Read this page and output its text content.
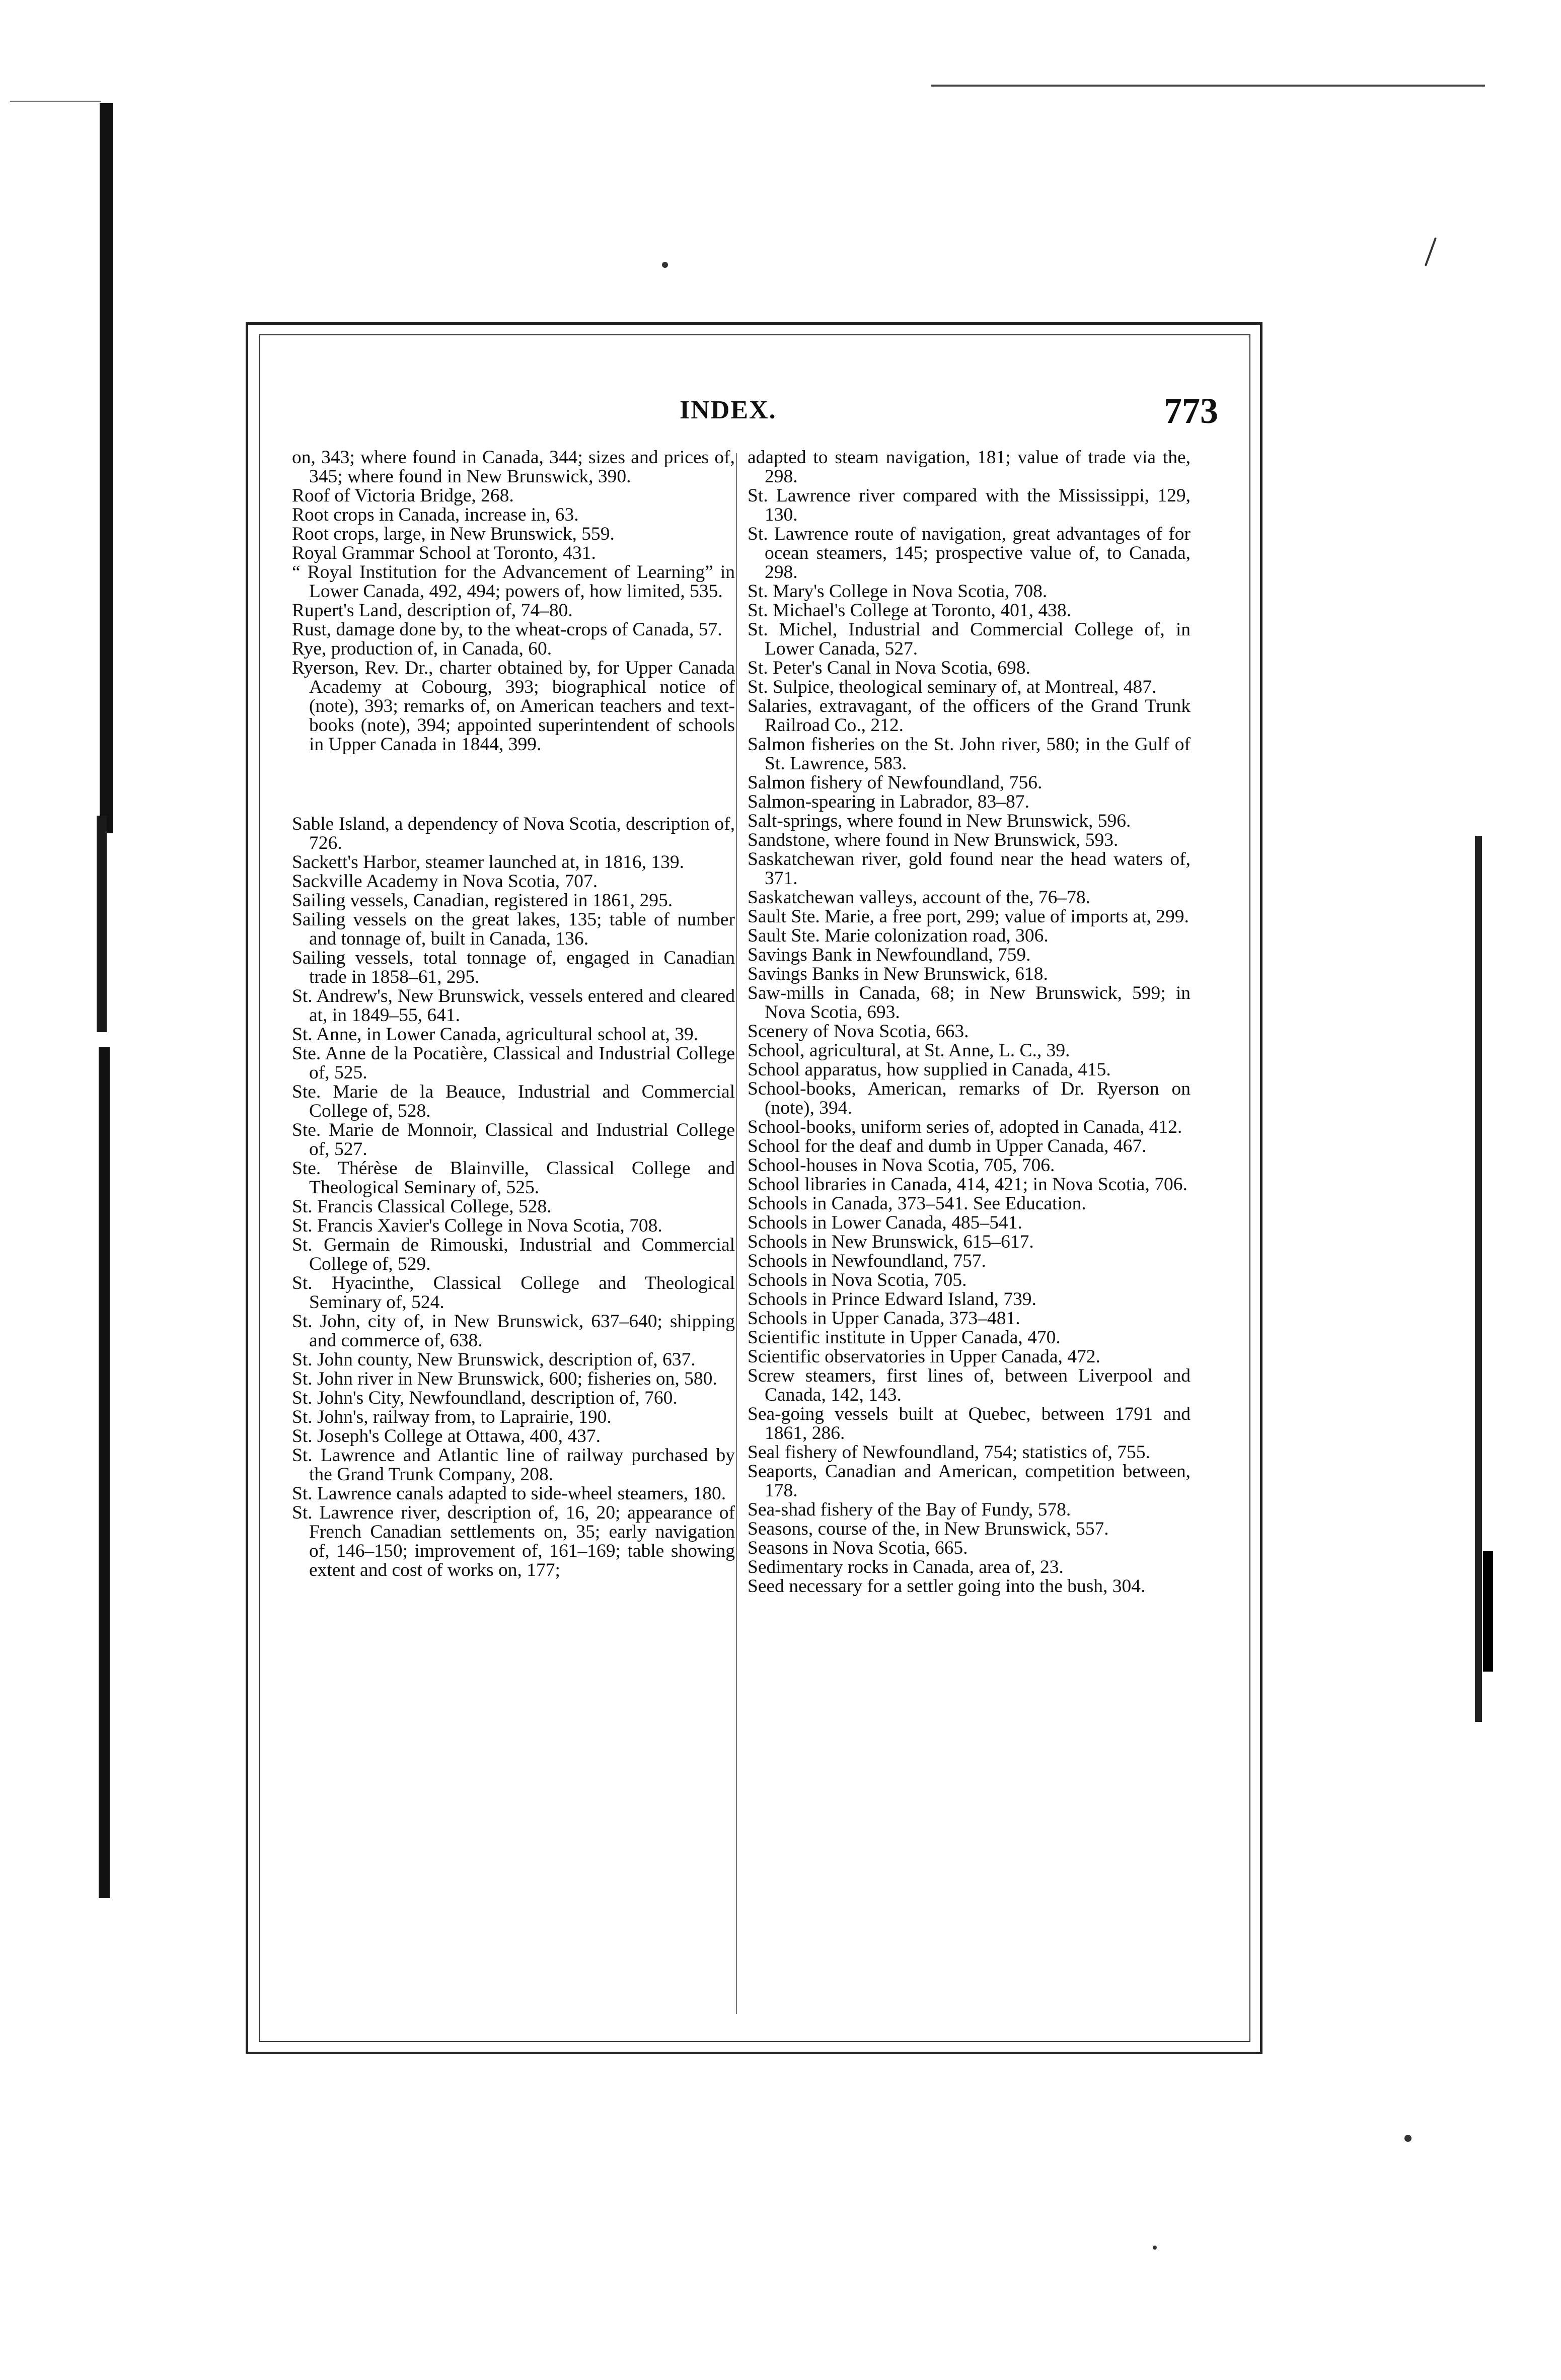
INDEX.	773

on, 343; where found in Canada, 344; sizes and prices of, 345; where found in New Brunswick, 390.

Roof of Victoria Bridge, 268.

Root crops in Canada, increase in, 63.

Root crops, large, in New Brunswick, 559.

Royal Grammar School at Toronto, 431.

“ Royal Institution for the Advancement of Learning” in Lower Canada, 492, 494; powers of, how limited, 535.

Rupert's Land, description of, 74–80.

Rust, damage done by, to the wheat-crops of Canada, 57.

Rye, production of, in Canada, 60.

Ryerson, Rev. Dr., charter obtained by, for Upper Canada Academy at Cobourg, 393; biographical notice of (note), 393; remarks of, on American teachers and text-books (note), 394; appointed superintendent of schools in Upper Canada in 1844, 399.

Sable Island, a dependency of Nova Scotia, description of, 726.

Sackett's Harbor, steamer launched at, in 1816, 139.

Sackville Academy in Nova Scotia, 707.

Sailing vessels, Canadian, registered in 1861, 295.

Sailing vessels on the great lakes, 135; table of number and tonnage of, built in Canada, 136.

Sailing vessels, total tonnage of, engaged in Canadian trade in 1858–61, 295.

St. Andrew's, New Brunswick, vessels entered and cleared at, in 1849–55, 641.

St. Anne, in Lower Canada, agricultural school at, 39.

Ste. Anne de la Pocatière, Classical and Industrial College of, 525.

Ste. Marie de la Beauce, Industrial and Commercial College of, 528.

Ste. Marie de Monnoir, Classical and Industrial College of, 527.

Ste. Thérèse de Blainville, Classical College and Theological Seminary of, 525.

St. Francis Classical College, 528.

St. Francis Xavier's College in Nova Scotia, 708.

St. Germain de Rimouski, Industrial and Commercial College of, 529.

St. Hyacinthe, Classical College and Theological Seminary of, 524.

St. John, city of, in New Brunswick, 637–640; shipping and commerce of, 638.

St. John county, New Brunswick, description of, 637.

St. John river in New Brunswick, 600; fisheries on, 580.

St. John's City, Newfoundland, description of, 760.

St. John's, railway from, to Laprairie, 190.

St. Joseph's College at Ottawa, 400, 437.

St. Lawrence and Atlantic line of railway purchased by the Grand Trunk Company, 208.

St. Lawrence canals adapted to side-wheel steamers, 180.

St. Lawrence river, description of, 16, 20; appearance of French Canadian settlements on, 35; early navigation of, 146–150; improvement of, 161–169; table showing extent and cost of works on, 177;

adapted to steam navigation, 181; value of trade via the, 298.

St. Lawrence river compared with the Mississippi, 129, 130.

St. Lawrence route of navigation, great advantages of for ocean steamers, 145; prospective value of, to Canada, 298.

St. Mary's College in Nova Scotia, 708.

St. Michael's College at Toronto, 401, 438.

St. Michel, Industrial and Commercial College of, in Lower Canada, 527.

St. Peter's Canal in Nova Scotia, 698.

St. Sulpice, theological seminary of, at Montreal, 487.

Salaries, extravagant, of the officers of the Grand Trunk Railroad Co., 212.

Salmon fisheries on the St. John river, 580; in the Gulf of St. Lawrence, 583.

Salmon fishery of Newfoundland, 756.

Salmon-spearing in Labrador, 83–87.

Salt-springs, where found in New Brunswick, 596.

Sandstone, where found in New Brunswick, 593.

Saskatchewan river, gold found near the head waters of, 371.

Saskatchewan valleys, account of the, 76–78.

Sault Ste. Marie, a free port, 299; value of imports at, 299.

Sault Ste. Marie colonization road, 306.

Savings Bank in Newfoundland, 759.

Savings Banks in New Brunswick, 618.

Saw-mills in Canada, 68; in New Brunswick, 599; in Nova Scotia, 693.

Scenery of Nova Scotia, 663.

School, agricultural, at St. Anne, L. C., 39.

School apparatus, how supplied in Canada, 415.

School-books, American, remarks of Dr. Ryerson on (note), 394.

School-books, uniform series of, adopted in Canada, 412.

School for the deaf and dumb in Upper Canada, 467.

School-houses in Nova Scotia, 705, 706.

School libraries in Canada, 414, 421; in Nova Scotia, 706.

Schools in Canada, 373–541. See Education.

Schools in Lower Canada, 485–541.

Schools in New Brunswick, 615–617.

Schools in Newfoundland, 757.

Schools in Nova Scotia, 705.

Schools in Prince Edward Island, 739.

Schools in Upper Canada, 373–481.

Scientific institute in Upper Canada, 470.

Scientific observatories in Upper Canada, 472.

Screw steamers, first lines of, between Liverpool and Canada, 142, 143.

Sea-going vessels built at Quebec, between 1791 and 1861, 286.

Seal fishery of Newfoundland, 754; statistics of, 755.

Seaports, Canadian and American, competition between, 178.

Sea-shad fishery of the Bay of Fundy, 578.

Seasons, course of the, in New Brunswick, 557.

Seasons in Nova Scotia, 665.

Sedimentary rocks in Canada, area of, 23.

Seed necessary for a settler going into the bush, 304.
